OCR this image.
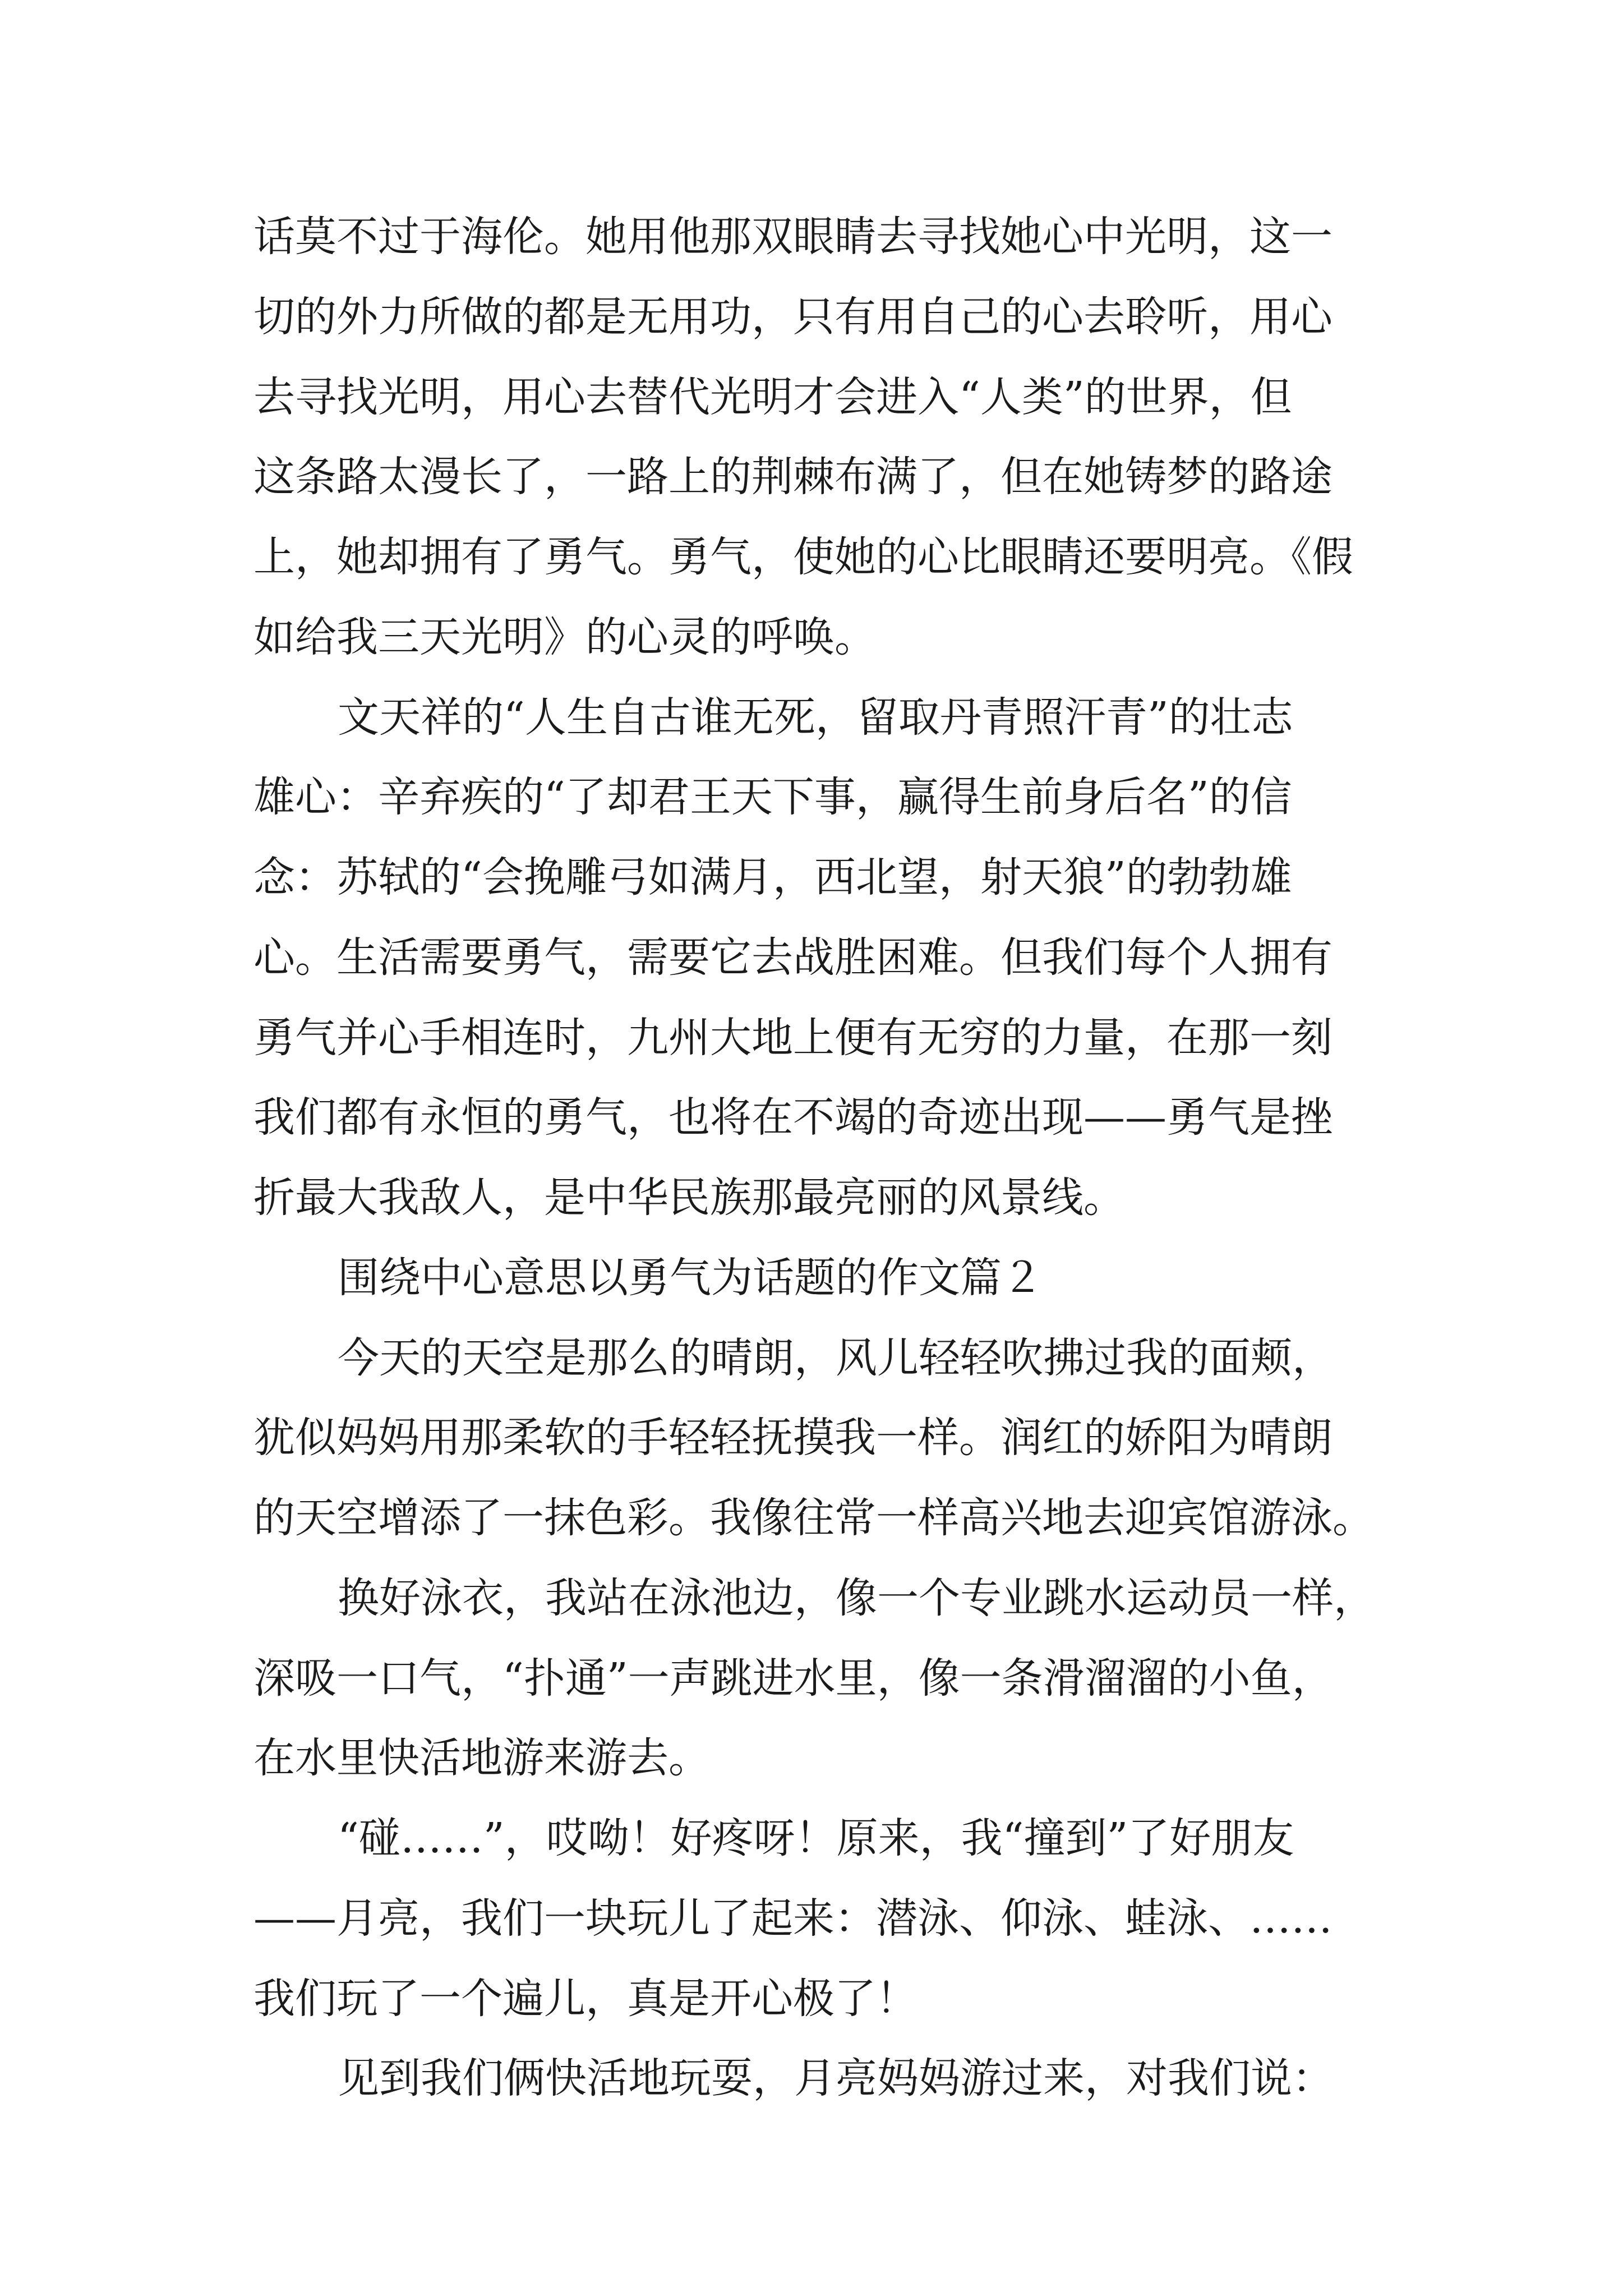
话莫不过于海伦。她用他那双眼睛去寻找她心中光明，这一
切的外力所做的都是无用功，只有用自己的心去聆听，用心
去寻找光明，用心去替代光明才会进入“人类”的世界，但
这条路太漫长了，一路上的荆棘布满了，但在她铸梦的路途
上，她却拥有了勇气。勇气，使她的心比眼睛还要明亮。《假
如给我三天光明》的心灵的呼唤。
文天祥的“人生自古谁无死，留取丹青照汗青”的壮志
雄心：辛弃疾的“了却君王天下事，赢得生前身后名”的信
念：苏轼的“会挽雕弓如满月，西北望，射天狼”的勃勃雄
心。生活需要勇气，需要它去战胜困难。但我们每个人拥有
勇气并心手相连时，九州大地上便有无穷的力量，在那一刻
我们都有永恒的勇气，也将在不竭的奇迹出现——勇气是挫
折最大我敌人，是中华民族那最亮丽的风景线。
围绕中心意思以勇气为话题的作文篇２
今天的天空是那么的晴朗，风儿轻轻吹拂过我的面颊，
犹似妈妈用那柔软的手轻轻抚摸我一样。润红的娇阳为晴朗
的天空增添了一抹色彩。我像往常一样高兴地去迎宾馆游泳。
换好泳衣，我站在泳池边，像一个专业跳水运动员一样，
深吸一口气，“扑通”一声跳进水里，像一条滑溜溜的小鱼，
在水里快活地游来游去。
“碰……”，哎呦！好疼呀！原来，我“撞到”了好朋友
——月亮，我们一块玩儿了起来：潜泳、仰泳、蛙泳、……
我们玩了一个遍儿，真是开心极了！
见到我们俩快活地玩耍，月亮妈妈游过来，对我们说：
